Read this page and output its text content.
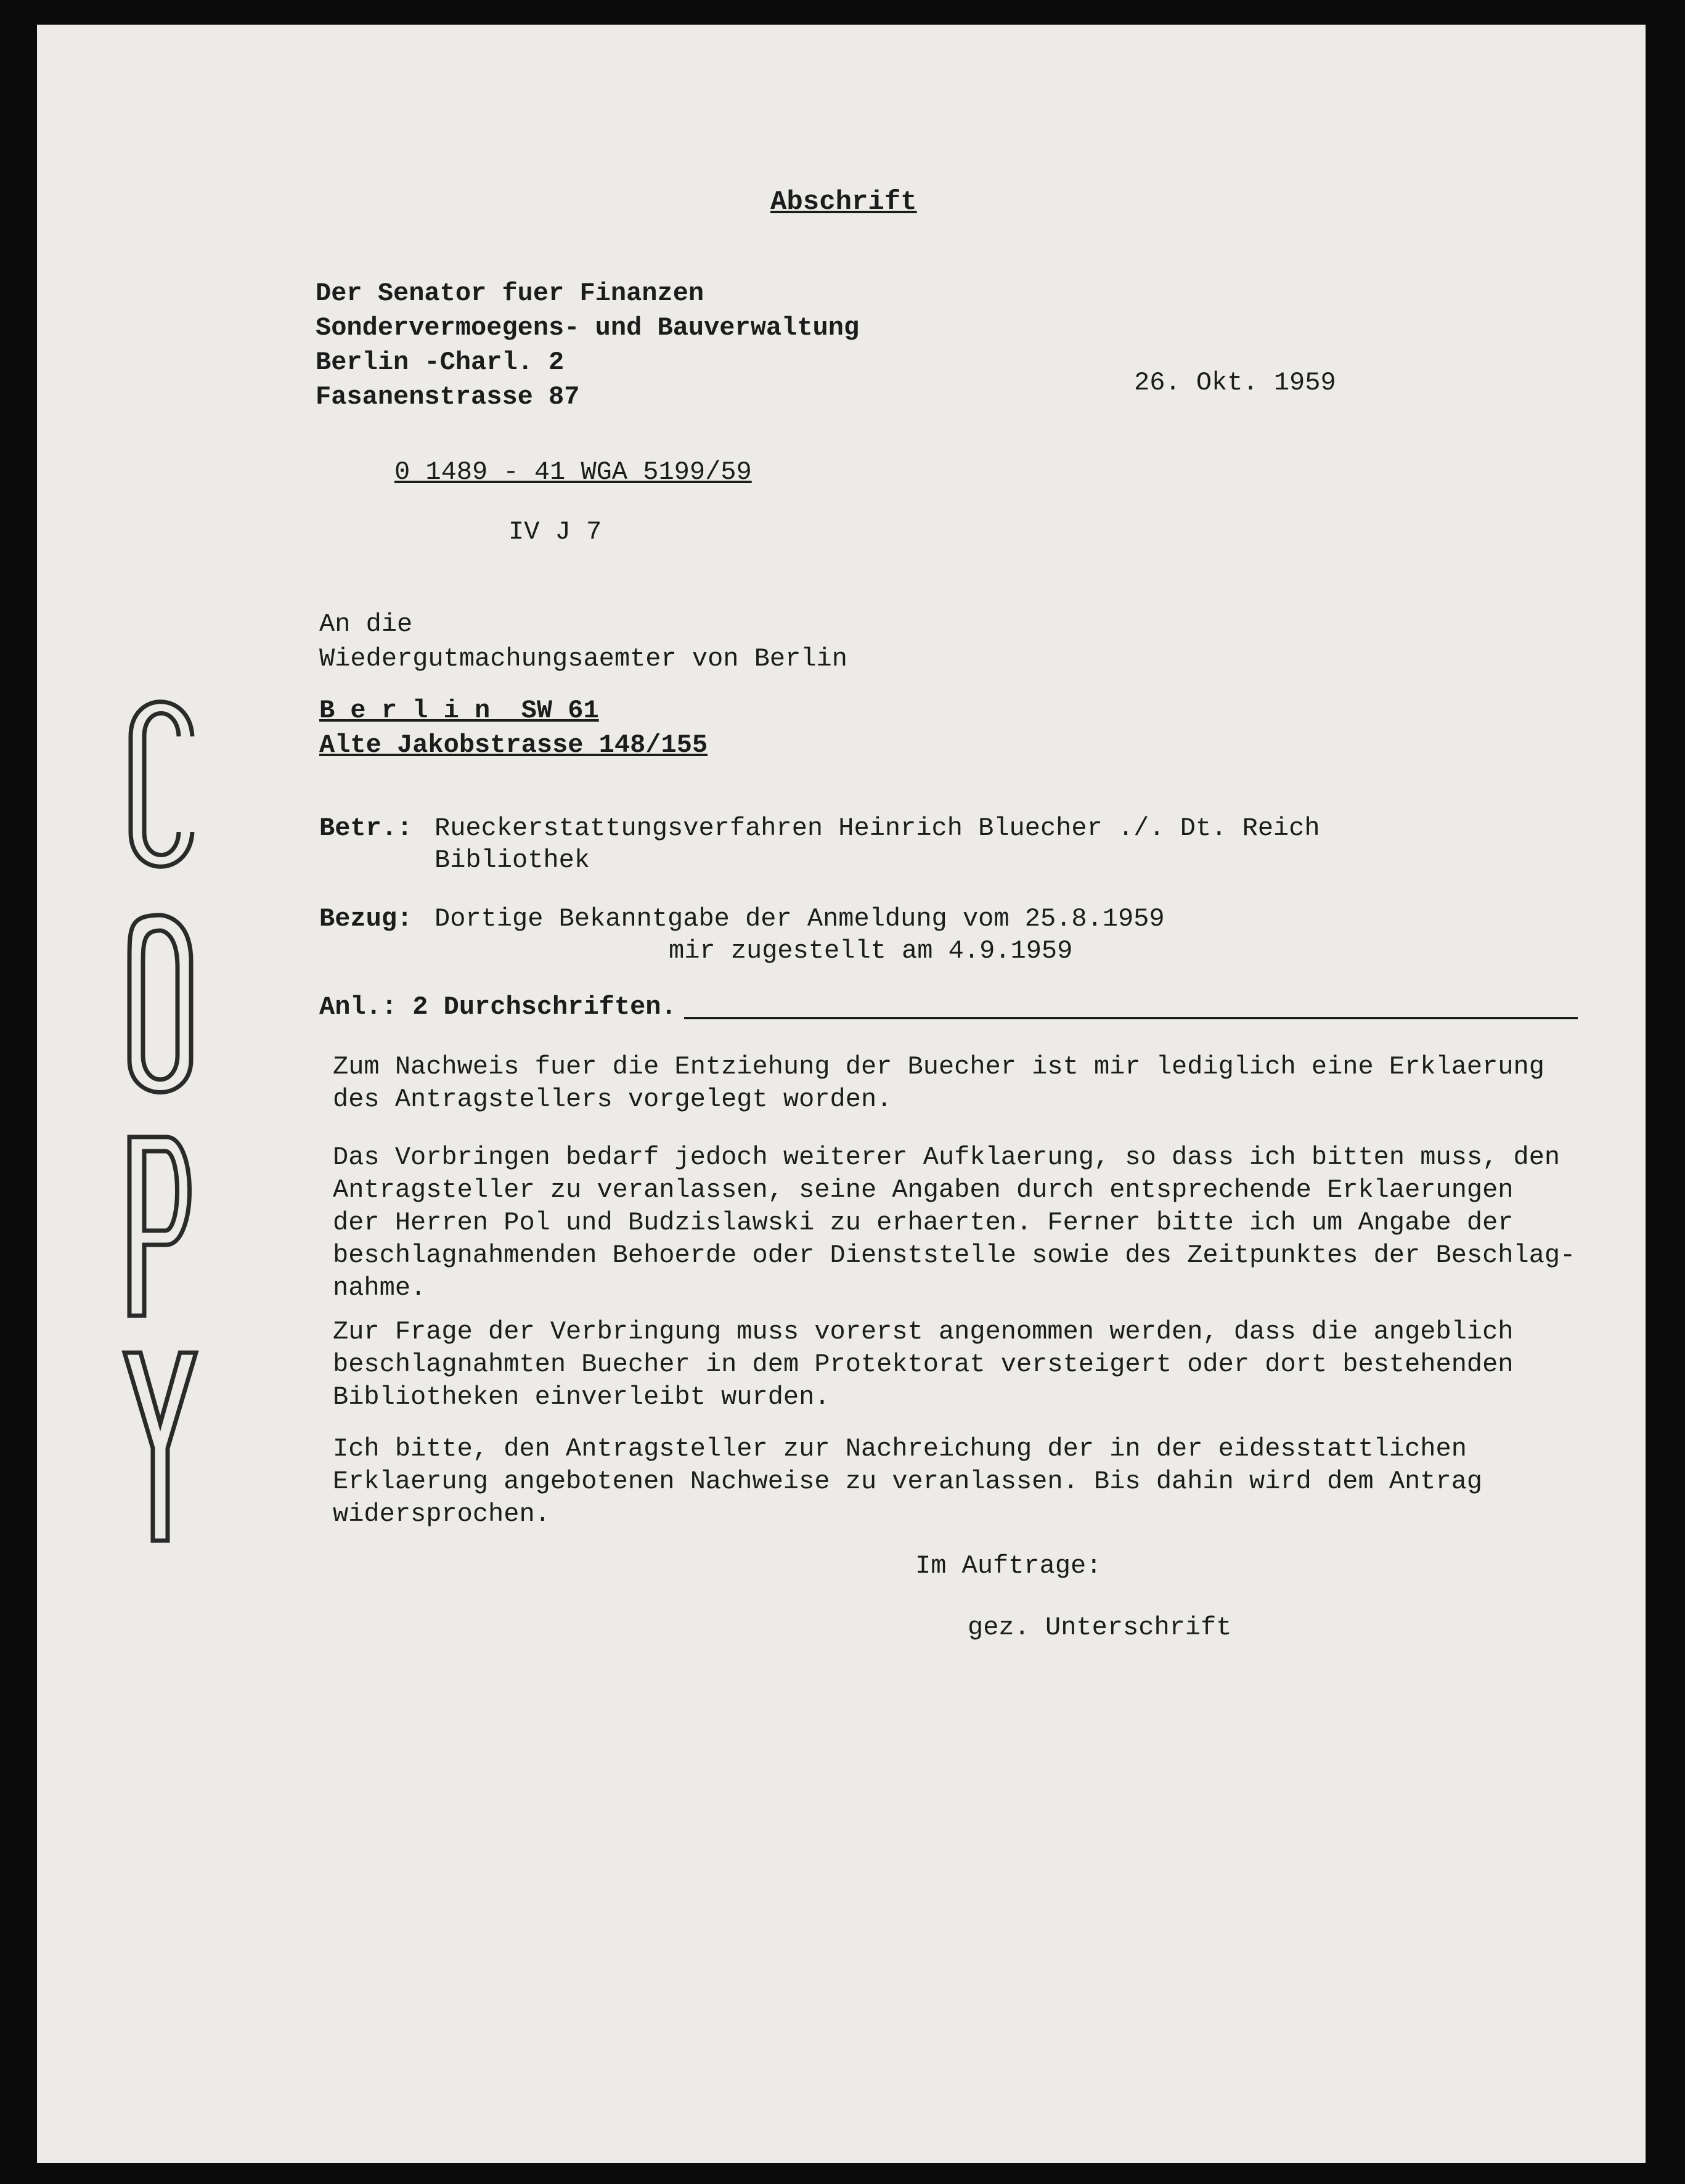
Abschrift
Der Senator fuer Finanzen
Sondervermoegens- und Bauverwaltung
Berlin -Charl. 2
Fasanenstrasse 87	26. Okt. 1959
0 1489 - 41 WGA 5199/59
IV J 7
An die
Wiedergutmachungsaemter von Berlin
B e r l i n  SW 61
Alte Jakobstrasse 148/155
Betr.: Rueckerstattungsverfahren Heinrich Bluecher ./. Dt. Reich
Bibliothek
Bezug: Dortige Bekanntgabe der Anmeldung vom 25.8.1959
mir zugestellt am 4.9.1959
Anl.: 2 Durchschriften.
Zum Nachweis fuer die Entziehung der Buecher ist mir lediglich eine Erklaerung
des Antragstellers vorgelegt worden.
Das Vorbringen bedarf jedoch weiterer Aufklaerung, so dass ich bitten muss, den
Antragsteller zu veranlassen, seine Angaben durch entsprechende Erklaerungen
der Herren Pol und Budzislawski zu erhaerten. Ferner bitte ich um Angabe der
beschlagnahmenden Behoerde oder Dienststelle sowie des Zeitpunktes der Beschlag-
nahme.
Zur Frage der Verbringung muss vorerst angenommen werden, dass die angeblich
beschlagnahmten Buecher in dem Protektorat versteigert oder dort bestehenden
Bibliotheken einverleibt wurden.
Ich bitte, den Antragsteller zur Nachreichung der in der eidesstattlichen
Erklaerung angebotenen Nachweise zu veranlassen. Bis dahin wird dem Antrag
widersprochen.
Im Auftrage:
gez. Unterschrift
